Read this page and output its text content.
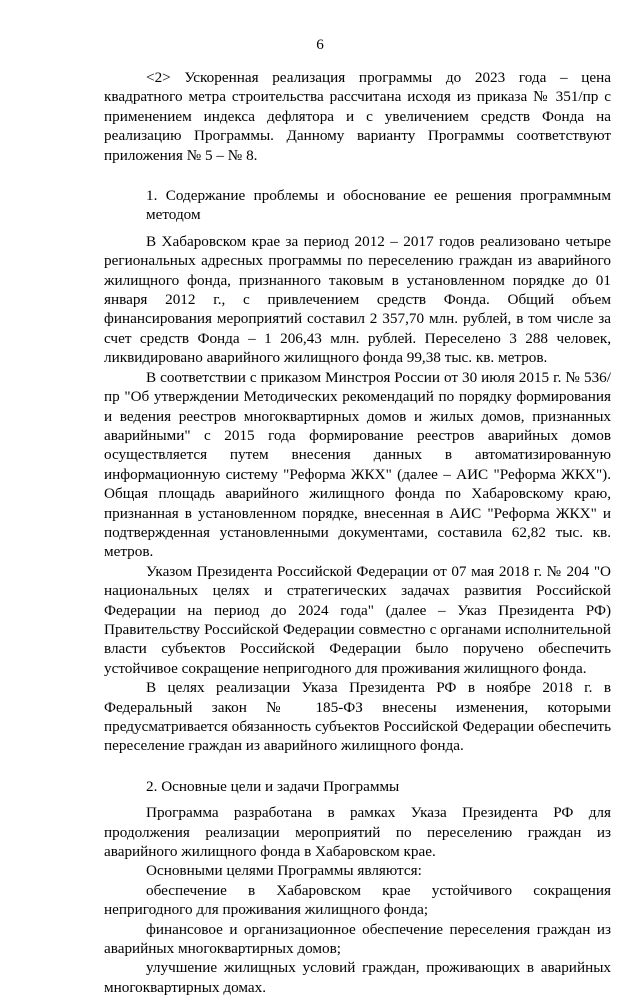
6

<2> Ускоренная реализация программы до 2023 года – цена квадратного метра строительства рассчитана исходя из приказа № 351/пр с применением индекса дефлятора и с увеличением средств Фонда на реализацию Программы. Данному варианту Программы соответствуют приложения № 5 – № 8.

1. Содержание проблемы и обоснование ее решения программным методом

В Хабаровском крае за период 2012 – 2017 годов реализовано четыре региональных адресных программы по переселению граждан из аварийного жилищного фонда, признанного таковым в установленном порядке до 01 января 2012 г., с привлечением средств Фонда. Общий объем финансирования мероприятий составил 2 357,70 млн. рублей, в том числе за счет средств Фонда – 1 206,43 млн. рублей. Переселено 3 288 человек, ликвидировано аварийного жилищного фонда 99,38 тыс. кв. метров.

В соответствии с приказом Минстроя России от 30 июля 2015 г. № 536/пр "Об утверждении Методических рекомендаций по порядку формирования и ведения реестров многоквартирных домов и жилых домов, признанных аварийными" с 2015 года формирование реестров аварийных домов осуществляется путем внесения данных в автоматизированную информационную систему "Реформа ЖКХ" (далее – АИС "Реформа ЖКХ"). Общая площадь аварийного жилищного фонда по Хабаровскому краю, признанная в установленном порядке, внесенная в АИС "Реформа ЖКХ" и подтвержденная установленными документами, составила 62,82 тыс. кв. метров.

Указом Президента Российской Федерации от 07 мая 2018 г. № 204 "О национальных целях и стратегических задачах развития Российской Федерации на период до 2024 года" (далее – Указ Президента РФ) Правительству Российской Федерации совместно с органами исполнительной власти субъектов Российской Федерации было поручено обеспечить устойчивое сокращение непригодного для проживания жилищного фонда.

В целях реализации Указа Президента РФ в ноябре 2018 г. в Федеральный закон № 185-ФЗ внесены изменения, которыми предусматривается обязанность субъектов Российской Федерации обеспечить переселение граждан из аварийного жилищного фонда.

2. Основные цели и задачи Программы

Программа разработана в рамках Указа Президента РФ для продолжения реализации мероприятий по переселению граждан из аварийного жилищного фонда в Хабаровском крае.

Основными целями Программы являются:

обеспечение в Хабаровском крае устойчивого сокращения непригодного для проживания жилищного фонда;

финансовое и организационное обеспечение переселения граждан из аварийных многоквартирных домов;

улучшение жилищных условий граждан, проживающих в аварийных многоквартирных домах.
